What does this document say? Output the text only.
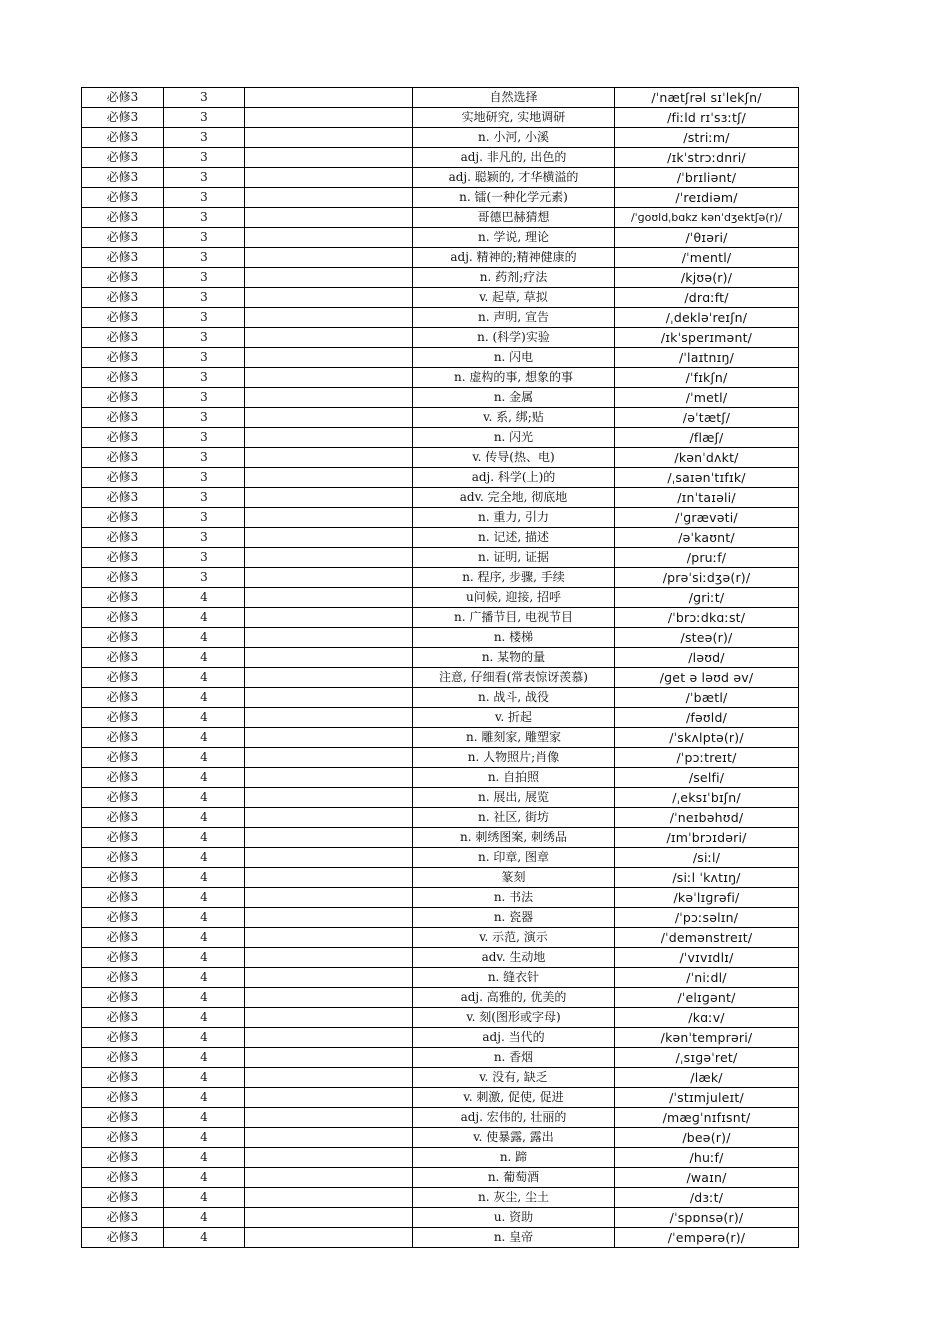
必修3	3		自然选择	/ˈnætʃrəl sɪˈlekʃn/
必修3	3		实地研究, 实地调研	/fiːld rɪˈsɜːtʃ/
必修3	3		n. 小河, 小溪	/striːm/
必修3	3		adj. 非凡的, 出色的	/ɪkˈstrɔːdnri/
必修3	3		adj. 聪颖的, 才华横溢的	/ˈbrɪliənt/
必修3	3		n. 镭(一种化学元素)	/ˈreɪdiəm/
必修3	3		哥德巴赫猜想	/ˈɡoʊldˌbɑkz kənˈdʒektʃə(r)/
必修3	3		n. 学说, 理论	/ˈθɪəri/
必修3	3		adj. 精神的;精神健康的	/ˈmentl/
必修3	3		n. 药剂;疗法	/kjʊə(r)/
必修3	3		v. 起草, 草拟	/drɑːft/
必修3	3		n. 声明, 宣告	/ˌdekləˈreɪʃn/
必修3	3		n. (科学)实验	/ɪkˈsperɪmənt/
必修3	3		n. 闪电	/ˈlaɪtnɪŋ/
必修3	3		n. 虚构的事, 想象的事	/ˈfɪkʃn/
必修3	3		n. 金属	/ˈmetl/
必修3	3		v. 系, 绑;贴	/əˈtætʃ/
必修3	3		n. 闪光	/flæʃ/
必修3	3		v. 传导(热、电)	/kənˈdʌkt/
必修3	3		adj. 科学(上)的	/ˌsaɪənˈtɪfɪk/
必修3	3		adv. 完全地, 彻底地	/ɪnˈtaɪəli/
必修3	3		n. 重力, 引力	/ˈɡrævəti/
必修3	3		n. 记述, 描述	/əˈkaʊnt/
必修3	3		n. 证明, 证据	/pruːf/
必修3	3		n. 程序, 步骤, 手续	/prəˈsiːdʒə(r)/
必修3	4		u问候, 迎接, 招呼	/ɡriːt/
必修3	4		n. 广播节目, 电视节目	/ˈbrɔːdkɑːst/
必修3	4		n. 楼梯	/steə(r)/
必修3	4		n. 某物的量	/ləʊd/
必修3	4		注意, 仔细看(常表惊讶羡慕)	/ɡet ə ləʊd əv/
必修3	4		n. 战斗, 战役	/ˈbætl/
必修3	4		v. 折起	/fəʊld/
必修3	4		n. 雕刻家, 雕塑家	/ˈskʌlptə(r)/
必修3	4		n. 人物照片;肖像	/ˈpɔːtreɪt/
必修3	4		n. 自拍照	/selfi/
必修3	4		n. 展出, 展览	/ˌeksɪˈbɪʃn/
必修3	4		n. 社区, 街坊	/ˈneɪbəhʊd/
必修3	4		n. 刺绣图案, 刺绣品	/ɪmˈbrɔɪdəri/
必修3	4		n. 印章, 图章	/siːl/
必修3	4		篆刻	/siːl ˈkʌtɪŋ/
必修3	4		n. 书法	/kəˈlɪɡrəfi/
必修3	4		n. 瓷器	/ˈpɔːsəlɪn/
必修3	4		v. 示范, 演示	/ˈdemənstreɪt/
必修3	4		adv. 生动地	/ˈvɪvɪdlɪ/
必修3	4		n. 缝衣针	/ˈniːdl/
必修3	4		adj. 高雅的, 优美的	/ˈelɪɡənt/
必修3	4		v. 刻(图形或字母)	/kɑːv/
必修3	4		adj. 当代的	/kənˈtemprəri/
必修3	4		n. 香烟	/ˌsɪɡəˈret/
必修3	4		v. 没有, 缺乏	/læk/
必修3	4		v. 刺激, 促使, 促进	/ˈstɪmjuleɪt/
必修3	4		adj. 宏伟的, 壮丽的	/mæɡˈnɪfɪsnt/
必修3	4		v. 使暴露, 露出	/beə(r)/
必修3	4		n. 蹄	/huːf/
必修3	4		n. 葡萄酒	/waɪn/
必修3	4		n. 灰尘, 尘土	/dɜːt/
必修3	4		u. 资助	/ˈspɒnsə(r)/
必修3	4		n. 皇帝	/ˈempərə(r)/
